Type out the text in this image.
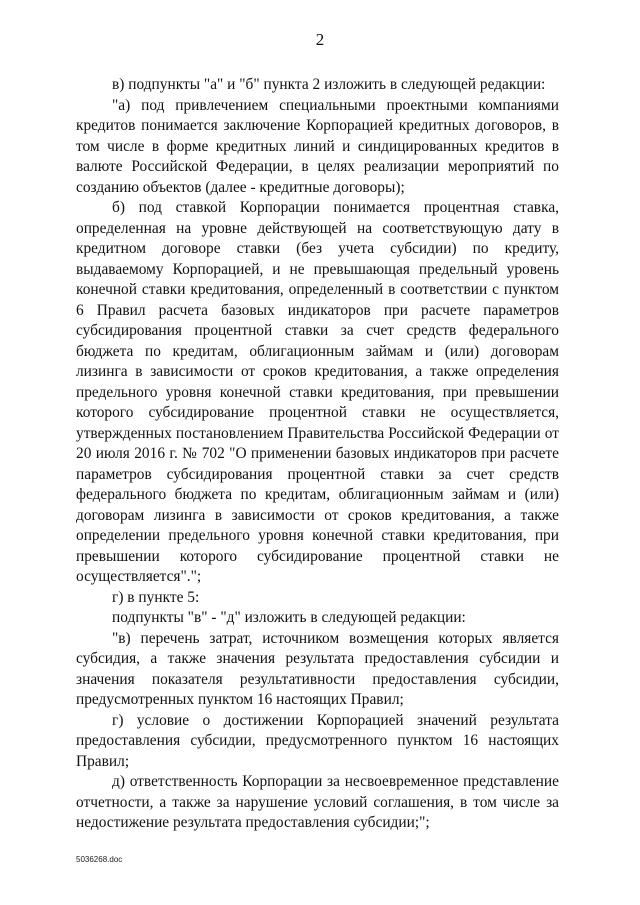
2

в) подпункты "а" и "б" пункта 2 изложить в следующей редакции:

"а) под привлечением специальными проектными компаниями кредитов понимается заключение Корпорацией кредитных договоров, в том числе в форме кредитных линий и синдицированных кредитов в валюте Российской Федерации, в целях реализации мероприятий по созданию объектов (далее - кредитные договоры);

б) под ставкой Корпорации понимается процентная ставка, определенная на уровне действующей на соответствующую дату в кредитном договоре ставки (без учета субсидии) по кредиту, выдаваемому Корпорацией, и не превышающая предельный уровень конечной ставки кредитования, определенный в соответствии с пунктом 6 Правил расчета базовых индикаторов при расчете параметров субсидирования процентной ставки за счет средств федерального бюджета по кредитам, облигационным займам и (или) договорам лизинга в зависимости от сроков кредитования, а также определения предельного уровня конечной ставки кредитования, при превышении которого субсидирование процентной ставки не осуществляется, утвержденных постановлением Правительства Российской Федерации от 20 июля 2016 г. № 702 "О применении базовых индикаторов при расчете параметров субсидирования процентной ставки за счет средств федерального бюджета по кредитам, облигационным займам и (или) договорам лизинга в зависимости от сроков кредитования, а также определении предельного уровня конечной ставки кредитования, при превышении которого субсидирование процентной ставки не осуществляется".";

г) в пункте 5:

подпункты "в" - "д" изложить в следующей редакции:

"в) перечень затрат, источником возмещения которых является субсидия, а также значения результата предоставления субсидии и значения показателя результативности предоставления субсидии, предусмотренных пунктом 16 настоящих Правил;

г) условие о достижении Корпорацией значений результата предоставления субсидии, предусмотренного пунктом 16 настоящих Правил;

д) ответственность Корпорации за несвоевременное представление отчетности, а также за нарушение условий соглашения, в том числе за недостижение результата предоставления субсидии;";

5036268.doc
